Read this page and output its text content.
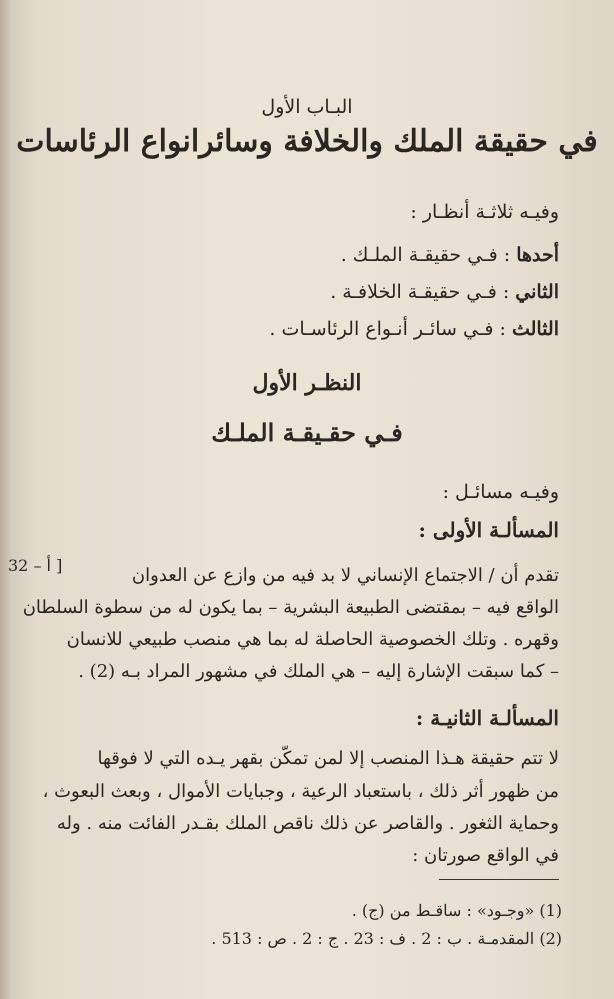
البـاب الأول
في حقيقة الملك والخلافة وسائرانواع الرئاسات
وفيـه ثلاثـة أنظـار :
أحدها : فـي حقيقـة الملـك .
الثاني : فـي حقيقـة الخلافـة .
الثالث : فـي سائـر أنـواع الرئاسـات .
النظـر الأول
فـي حقـيقـة الملـك
وفيـه مسائـل :
المسألـة الأولى :
[ أ – 32	تقدم أن / الاجتماع الإنساني لا بد فيه من وازع عن العدوان
الواقع فيه – بمقتضى الطبيعة البشرية – بما يكون له من سطوة السلطان
وقهره . وتلك الخصوصية الحاصلة له بما هي منصب طبيعي للانسان
– كما سبقت الإشارة إليه – هي الملك في مشهور المراد بـه (2) .
المسألـة الثانيـة :
لا تتم حقيقة هـذا المنصب إلا لمن تمكّن بقهر يـده التي لا فوقها
من ظهور أثر ذلك ، باستعباد الرعية ، وجبايات الأموال ، وبعث البعوث ،
وحماية الثغور . والقاصر عن ذلك ناقص الملك بقـدر الفائت منه . وله
في الواقع صورتان :
(1) «وجـود» : ساقـط من (ج) .
(2) المقدمـة . ب : 2 . ف : 23 . ج : 2 . ص : 513 .
